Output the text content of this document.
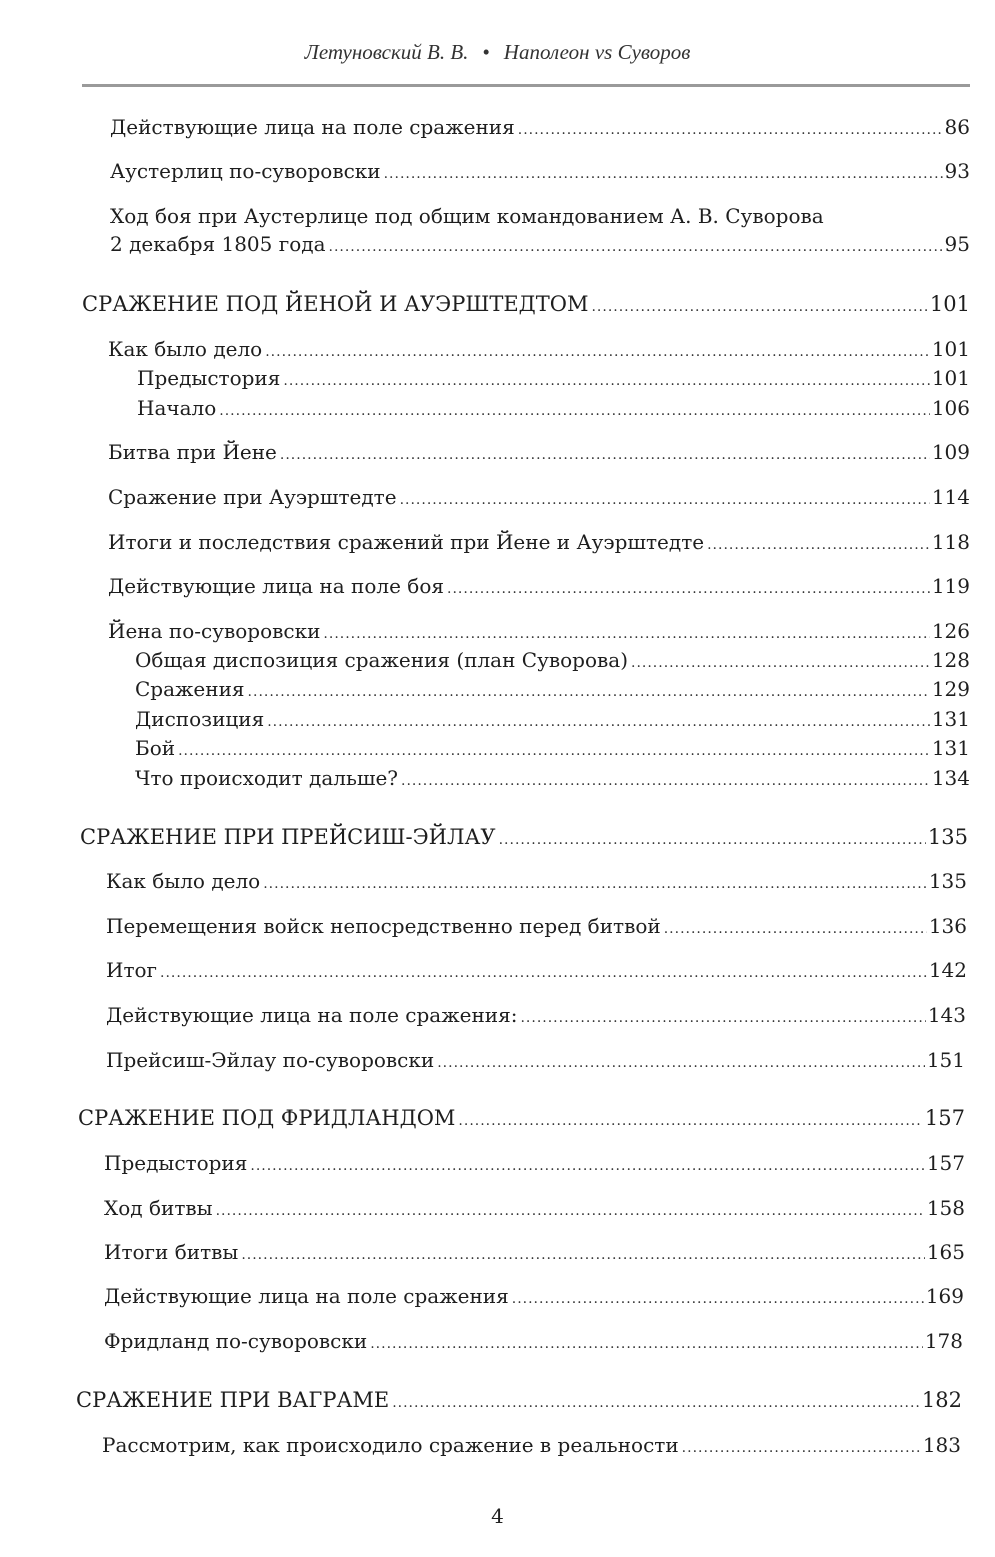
Летуновский В. В. • Наполеон vs Суворов
Действующие лица на поле сражения .....	86
Аустерлиц по-суворовски .....	93
Ход боя при Аустерлице под общим командованием А. В. Суворова
2 декабря 1805 года .....	95
СРАЖЕНИЕ ПОД ЙЕНОЙ И АУЭРШТЕДТОМ .....	101
Как было дело .....	101
Предыстория .....	101
Начало .....	106
Битва при Йене .....	109
Сражение при Ауэрштедте .....	114
Итоги и последствия сражений при Йене и Ауэрштедте .....	118
Действующие лица на поле боя .....	119
Йена по-суворовски .....	126
Общая диспозиция сражения (план Суворова) .....	128
Сражения .....	129
Диспозиция .....	131
Бой .....	131
Что происходит дальше? .....	134
СРАЖЕНИЕ ПРИ ПРЕЙСИШ-ЭЙЛАУ .....	135
Как было дело .....	135
Перемещения войск непосредственно перед битвой .....	136
Итог .....	142
Действующие лица на поле сражения: .....	143
Прейсиш-Эйлау по-суворовски .....	151
СРАЖЕНИЕ ПОД ФРИДЛАНДОМ .....	157
Предыстория .....	157
Ход битвы .....	158
Итоги битвы .....	165
Действующие лица на поле сражения .....	169
Фридланд по-суворовски .....	178
СРАЖЕНИЕ ПРИ ВАГРАМЕ .....	182
Рассмотрим, как происходило сражение в реальности .....	183
4
